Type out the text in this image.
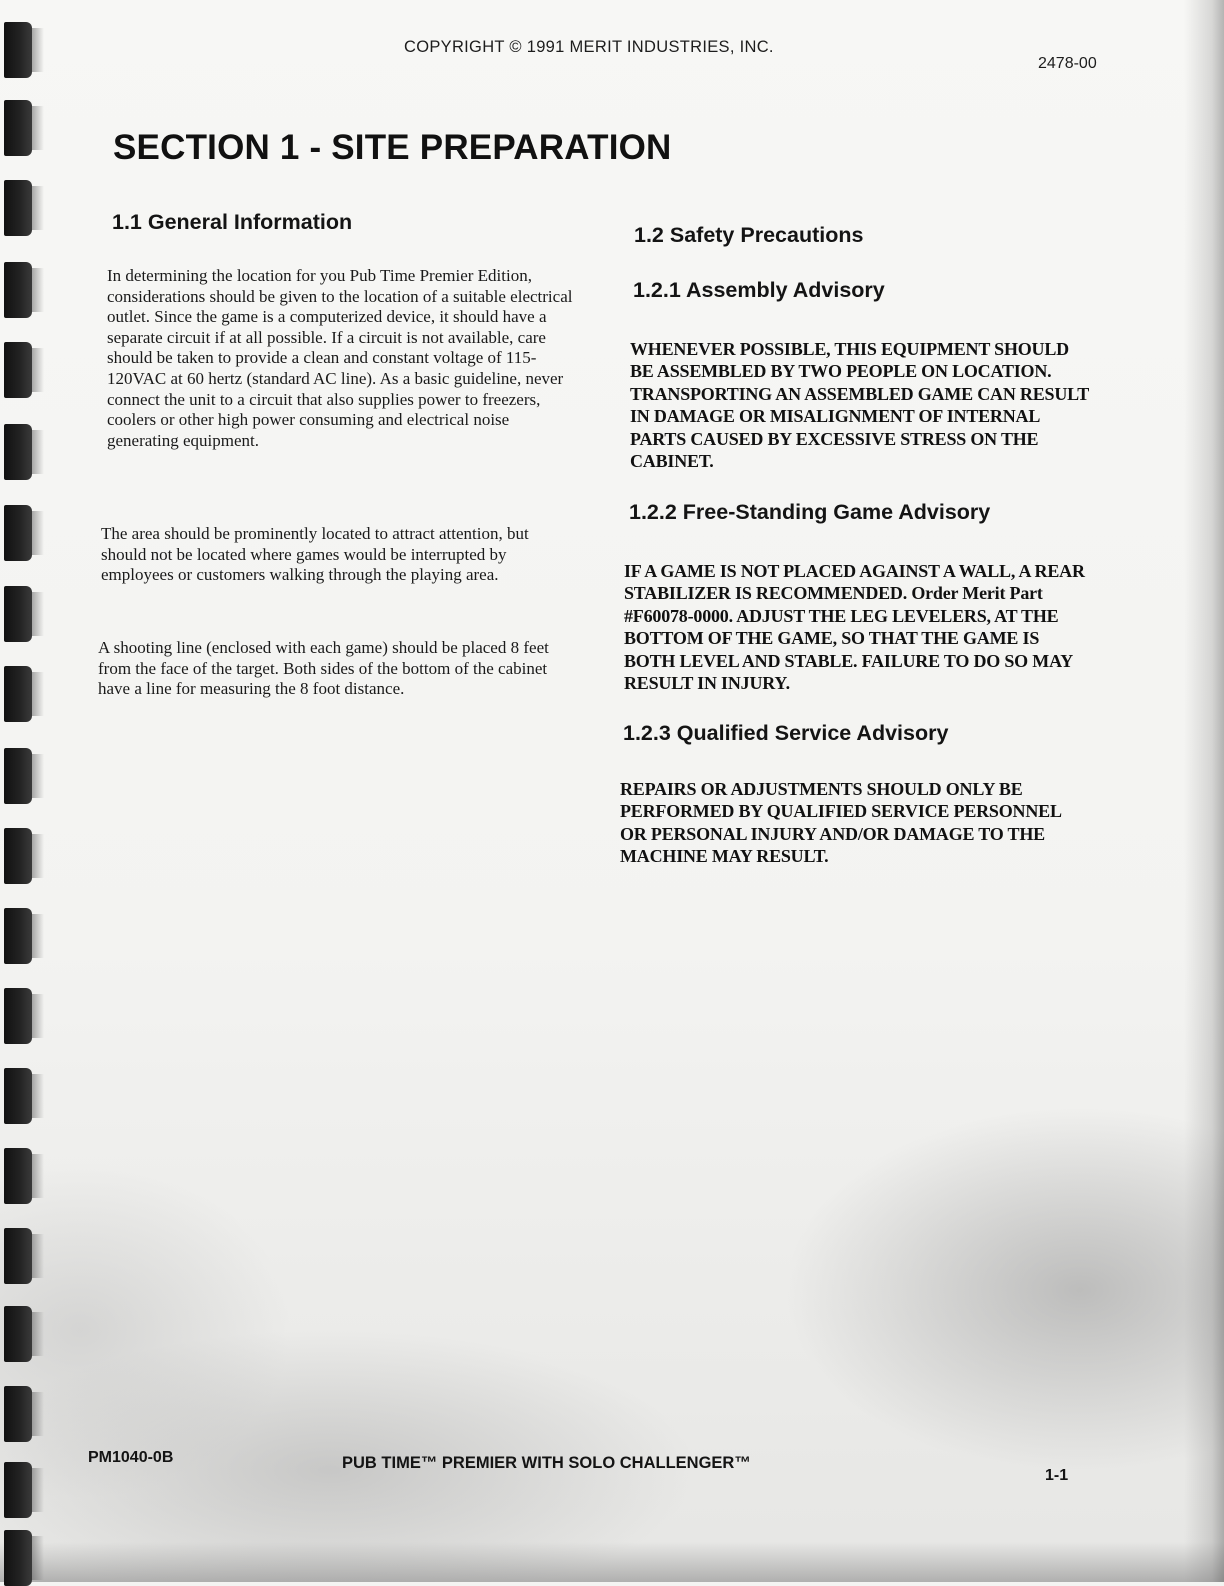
COPYRIGHT © 1991 MERIT INDUSTRIES, INC.
2478-00
SECTION 1 - SITE PREPARATION
1.1 General Information

In determining the location for you Pub Time Premier Edition, considerations should be given to the location of a suitable electrical outlet. Since the game is a computerized device, it should have a separate circuit if at all possible. If a circuit is not available, care should be taken to provide a clean and constant voltage of 115-120VAC at 60 hertz (standard AC line). As a basic guideline, never connect the unit to a circuit that also supplies power to freezers, coolers or other high power consuming and electrical noise generating equipment.

The area should be prominently located to attract attention, but should not be located where games would be interrupted by employees or customers walking through the playing area.

A shooting line (enclosed with each game) should be placed 8 feet from the face of the target. Both sides of the bottom of the cabinet have a line for measuring the 8 foot distance.

1.2 Safety Precautions
1.2.1 Assembly Advisory

WHENEVER POSSIBLE, THIS EQUIPMENT SHOULD BE ASSEMBLED BY TWO PEOPLE ON LOCATION. TRANSPORTING AN ASSEMBLED GAME CAN RESULT IN DAMAGE OR MISALIGNMENT OF INTERNAL PARTS CAUSED BY EXCESSIVE STRESS ON THE CABINET.

1.2.2 Free-Standing Game Advisory

IF A GAME IS NOT PLACED AGAINST A WALL, A REAR STABILIZER IS RECOMMENDED. Order Merit Part #F60078-0000. ADJUST THE LEG LEVELERS, AT THE BOTTOM OF THE GAME, SO THAT THE GAME IS BOTH LEVEL AND STABLE. FAILURE TO DO SO MAY RESULT IN INJURY.

1.2.3 Qualified Service Advisory

REPAIRS OR ADJUSTMENTS SHOULD ONLY BE PERFORMED BY QUALIFIED SERVICE PERSONNEL OR PERSONAL INJURY AND/OR DAMAGE TO THE MACHINE MAY RESULT.

PM1040-0B	PUB TIME™ PREMIER WITH SOLO CHALLENGER™
1-1
